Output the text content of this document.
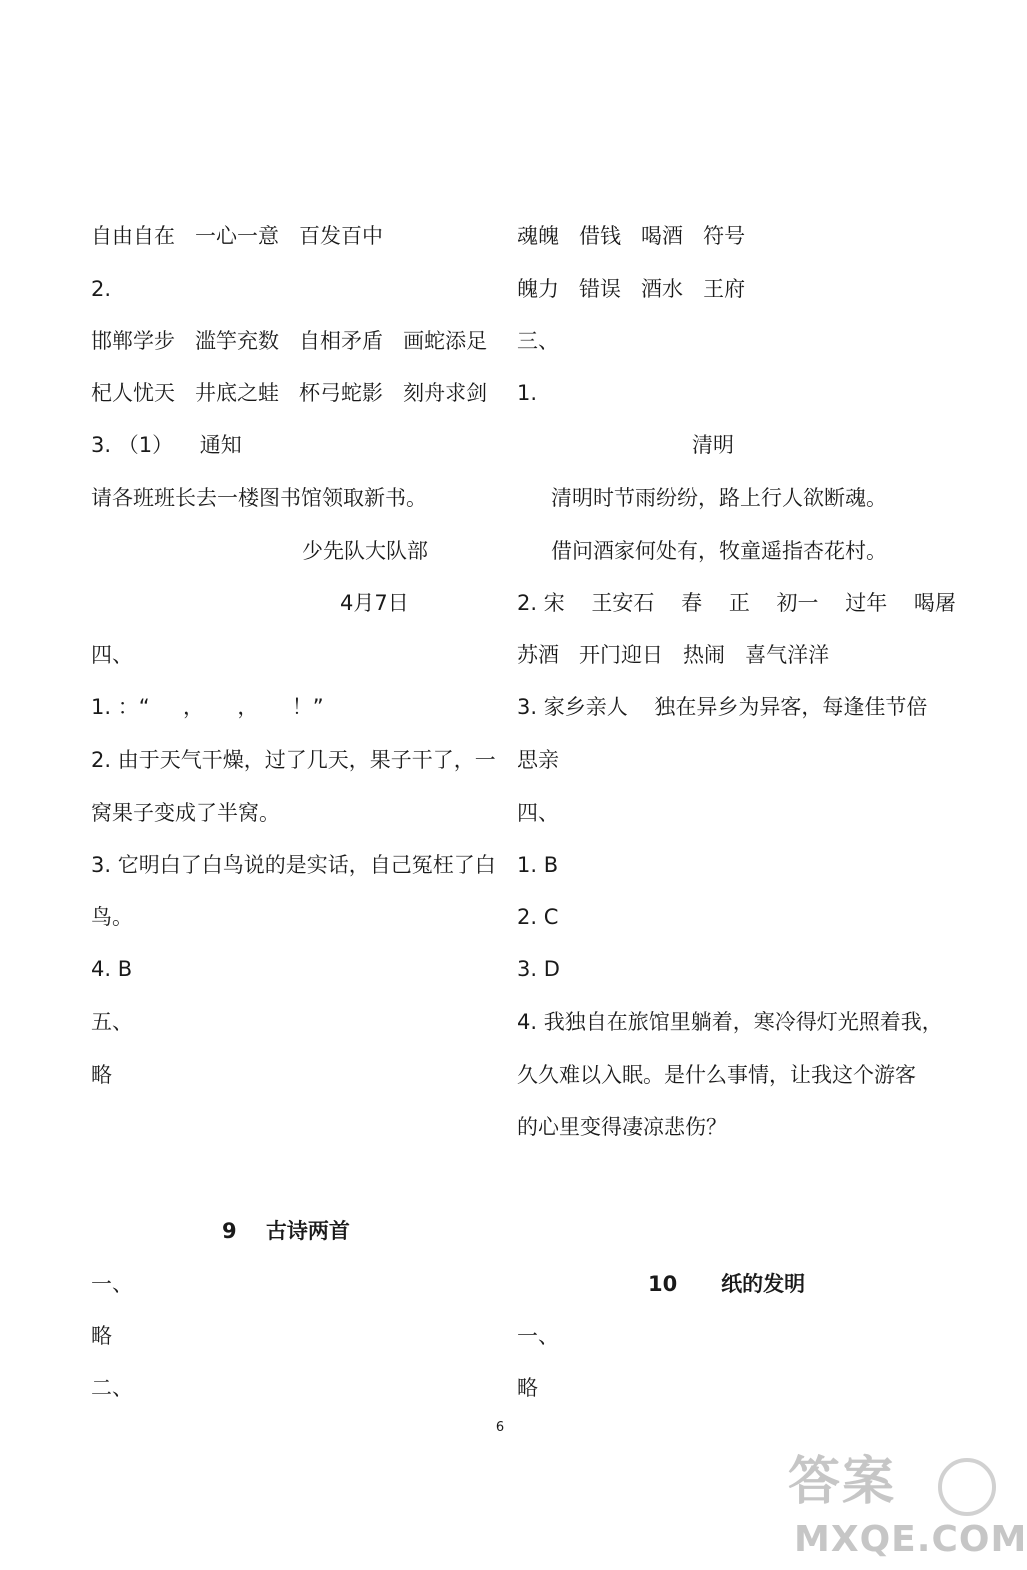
自由自在   一心一意   百发百中

2.

邯郸学步   滥竽充数   自相矛盾   画蛇添足

杞人忧天   井底之蛙   杯弓蛇影   刻舟求剑

3. （1）    通知

请各班班长去一楼图书馆领取新书。

少先队大队部

4月7日

四、

1. ：“     ，     ，     ！”

2. 由于天气干燥，过了几天，果子干了，一

窝果子变成了半窝。

3. 它明白了白鸟说的是实话，自己冤枉了白

鸟。

4. B

五、

略

9    古诗两首

一、

略

二、

魂魄   借钱   喝酒   符号

魄力   错误   酒水   王府

三、

1.

清明

清明时节雨纷纷，路上行人欲断魂。

借问酒家何处有，牧童遥指杏花村。

2. 宋    王安石    春    正    初一    过年    喝屠

苏酒   开门迎日   热闹   喜气洋洋

3. 家乡亲人    独在异乡为异客，每逢佳节倍

思亲

四、

1. B

2. C

3. D

4. 我独自在旅馆里躺着，寒冷得灯光照着我，

久久难以入眠。是什么事情，让我这个游客

的心里变得凄凉悲伤？

10      纸的发明

一、

略

6
答案
MXQE.COM
